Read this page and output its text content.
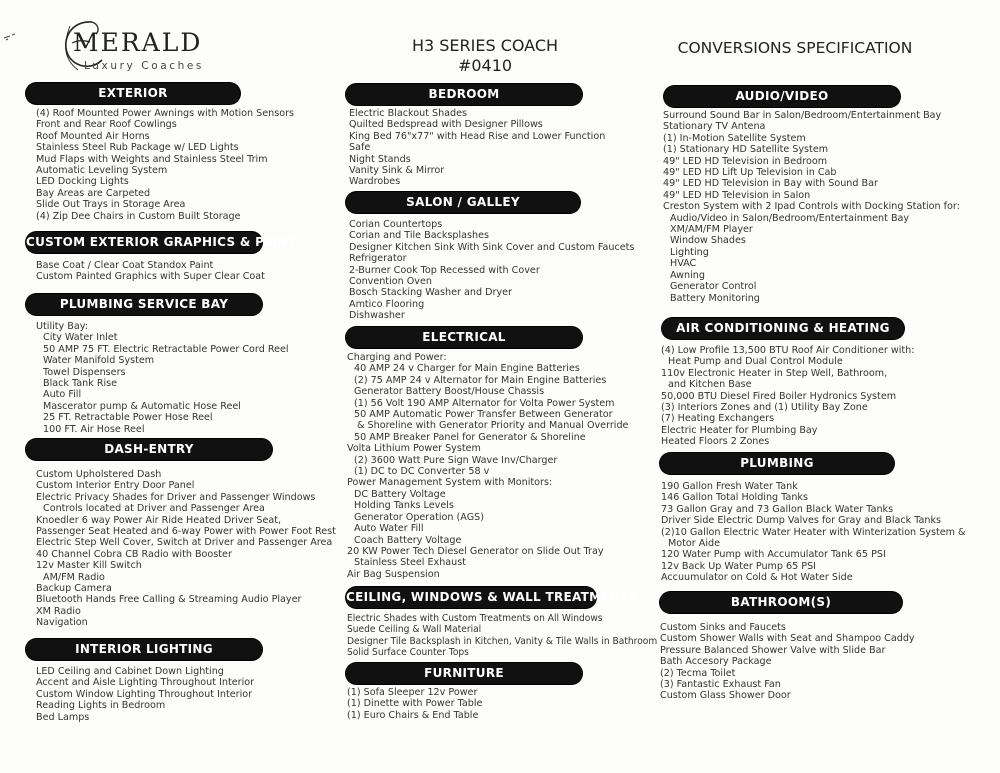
MERALD
Luxury Coaches
H3 SERIES COACH
#0410
CONVERSIONS SPECIFICATION
EXTERIOR
(4) Roof Mounted Power Awnings with Motion Sensors
Front and Rear Roof Cowlings
Roof Mounted Air Horns
Stainless Steel Rub Package w/ LED Lights
Mud Flaps with Weights and Stainless Steel Trim
Automatic Leveling System
LED Docking Lights
Bay Areas are Carpeted
Slide Out Trays in Storage Area
(4) Zip Dee Chairs in Custom Built Storage
CUSTOM EXTERIOR GRAPHICS & PAINT
Base Coat / Clear Coat Standox Paint
Custom Painted Graphics with Super Clear Coat
PLUMBING SERVICE BAY
Utility Bay:
City Water Inlet
50 AMP 75 FT. Electric Retractable Power Cord Reel
Water Manifold System
Towel Dispensers
Black Tank Rise
Auto Fill
Mascerator pump & Automatic Hose Reel
25 FT. Retractable Power Hose Reel
100 FT. Air Hose Reel
DASH-ENTRY
Custom Upholstered Dash
Custom Interior Entry Door Panel
Electric Privacy Shades for Driver and Passenger Windows
Controls located at Driver and Passenger Area
Knoedler 6 way Power Air Ride Heated Driver Seat,
Passenger Seat Heated and 6-way Power with Power Foot Rest
Electric Step Well Cover, Switch at Driver and Passenger Area
40 Channel Cobra CB Radio with Booster
12v Master Kill Switch
AM/FM Radio
Backup Camera
Bluetooth Hands Free Calling & Streaming Audio Player
XM Radio
Navigation
INTERIOR LIGHTING
LED Ceiling and Cabinet Down Lighting
Accent and Aisle Lighting Throughout Interior
Custom Window Lighting Throughout Interior
Reading Lights in Bedroom
Bed Lamps
BEDROOM
Electric Blackout Shades
Quilted Bedspread with Designer Pillows
King Bed 76"x77" with Head Rise and Lower Function
Safe
Night Stands
Vanity Sink & Mirror
Wardrobes
SALON / GALLEY
Corian Countertops
Corian and Tile Backsplashes
Designer Kitchen Sink With Sink Cover and Custom Faucets
Refrigerator
2-Burner Cook Top Recessed with Cover
Convention Oven
Bosch Stacking Washer and Dryer
Amtico Flooring
Dishwasher
ELECTRICAL
Charging and Power:
40 AMP 24 v Charger for Main Engine Batteries
(2) 75 AMP 24 v Alternator for Main Engine Batteries
Generator Battery Boost/House Chassis
(1) 56 Volt 190 AMP Alternator for Volta Power System
50 AMP Automatic Power Transfer Between Generator
& Shoreline with Generator Priority and Manual Override
50 AMP Breaker Panel for Generator & Shoreline
Volta Lithium Power System
(2) 3600 Watt Pure Sign Wave Inv/Charger
(1) DC to DC Converter 58 v
Power Management System with Monitors:
DC Battery Voltage
Holding Tanks Levels
Generator Operation (AGS)
Auto Water Fill
Coach Battery Voltage
20 KW Power Tech Diesel Generator on Slide Out Tray
Stainless Steel Exhaust
Air Bag Suspension
CEILING, WINDOWS & WALL TREATMENTS
Electric Shades with Custom Treatments on All Windows
Suede Ceiling & Wall Material
Designer Tile Backsplash in Kitchen, Vanity & Tile Walls in Bathroom
Solid Surface Counter Tops
FURNITURE
(1) Sofa Sleeper 12v Power
(1) Dinette with Power Table
(1) Euro Chairs & End Table
AUDIO/VIDEO
Surround Sound Bar in Salon/Bedroom/Entertainment Bay
Stationary TV Antena
(1) In-Motion Satellite System
(1) Stationary HD Satellite System
49" LED HD Television in Bedroom
49" LED HD Lift Up Television in Cab
49" LED HD Television in Bay with Sound Bar
49" LED HD Television in Salon
Creston System with 2 Ipad Controls with Docking Station for:
Audio/Video in Salon/Bedroom/Entertainment Bay
XM/AM/FM Player
Window Shades
Lighting
HVAC
Awning
Generator Control
Battery Monitoring
AIR CONDITIONING & HEATING
(4) Low Profile 13,500 BTU Roof Air Conditioner with:
Heat Pump and Dual Control Module
110v Electronic Heater in Step Well, Bathroom,
and Kitchen Base
50,000 BTU Diesel Fired Boiler Hydronics System
(3) Interiors Zones and (1) Utility Bay Zone
(7) Heating Exchangers
Electric Heater for Plumbing Bay
Heated Floors 2 Zones
PLUMBING
190 Gallon Fresh Water Tank
146 Gallon Total Holding Tanks
73 Gallon Gray and 73 Gallon Black Water Tanks
Driver Side Electric Dump Valves for Gray and Black Tanks
(2)10 Gallon Electric Water Heater with Winterization System &
Motor Aide
120 Water Pump with Accumulator Tank 65 PSI
12v Back Up Water Pump 65 PSI
Accuumulator on Cold & Hot Water Side
BATHROOM(S)
Custom Sinks and Faucets
Custom Shower Walls with Seat and Shampoo Caddy
Pressure Balanced Shower Valve with Slide Bar
Bath Accesory Package
(2) Tecma Toilet
(3) Fantastic Exhaust Fan
Custom Glass Shower Door
